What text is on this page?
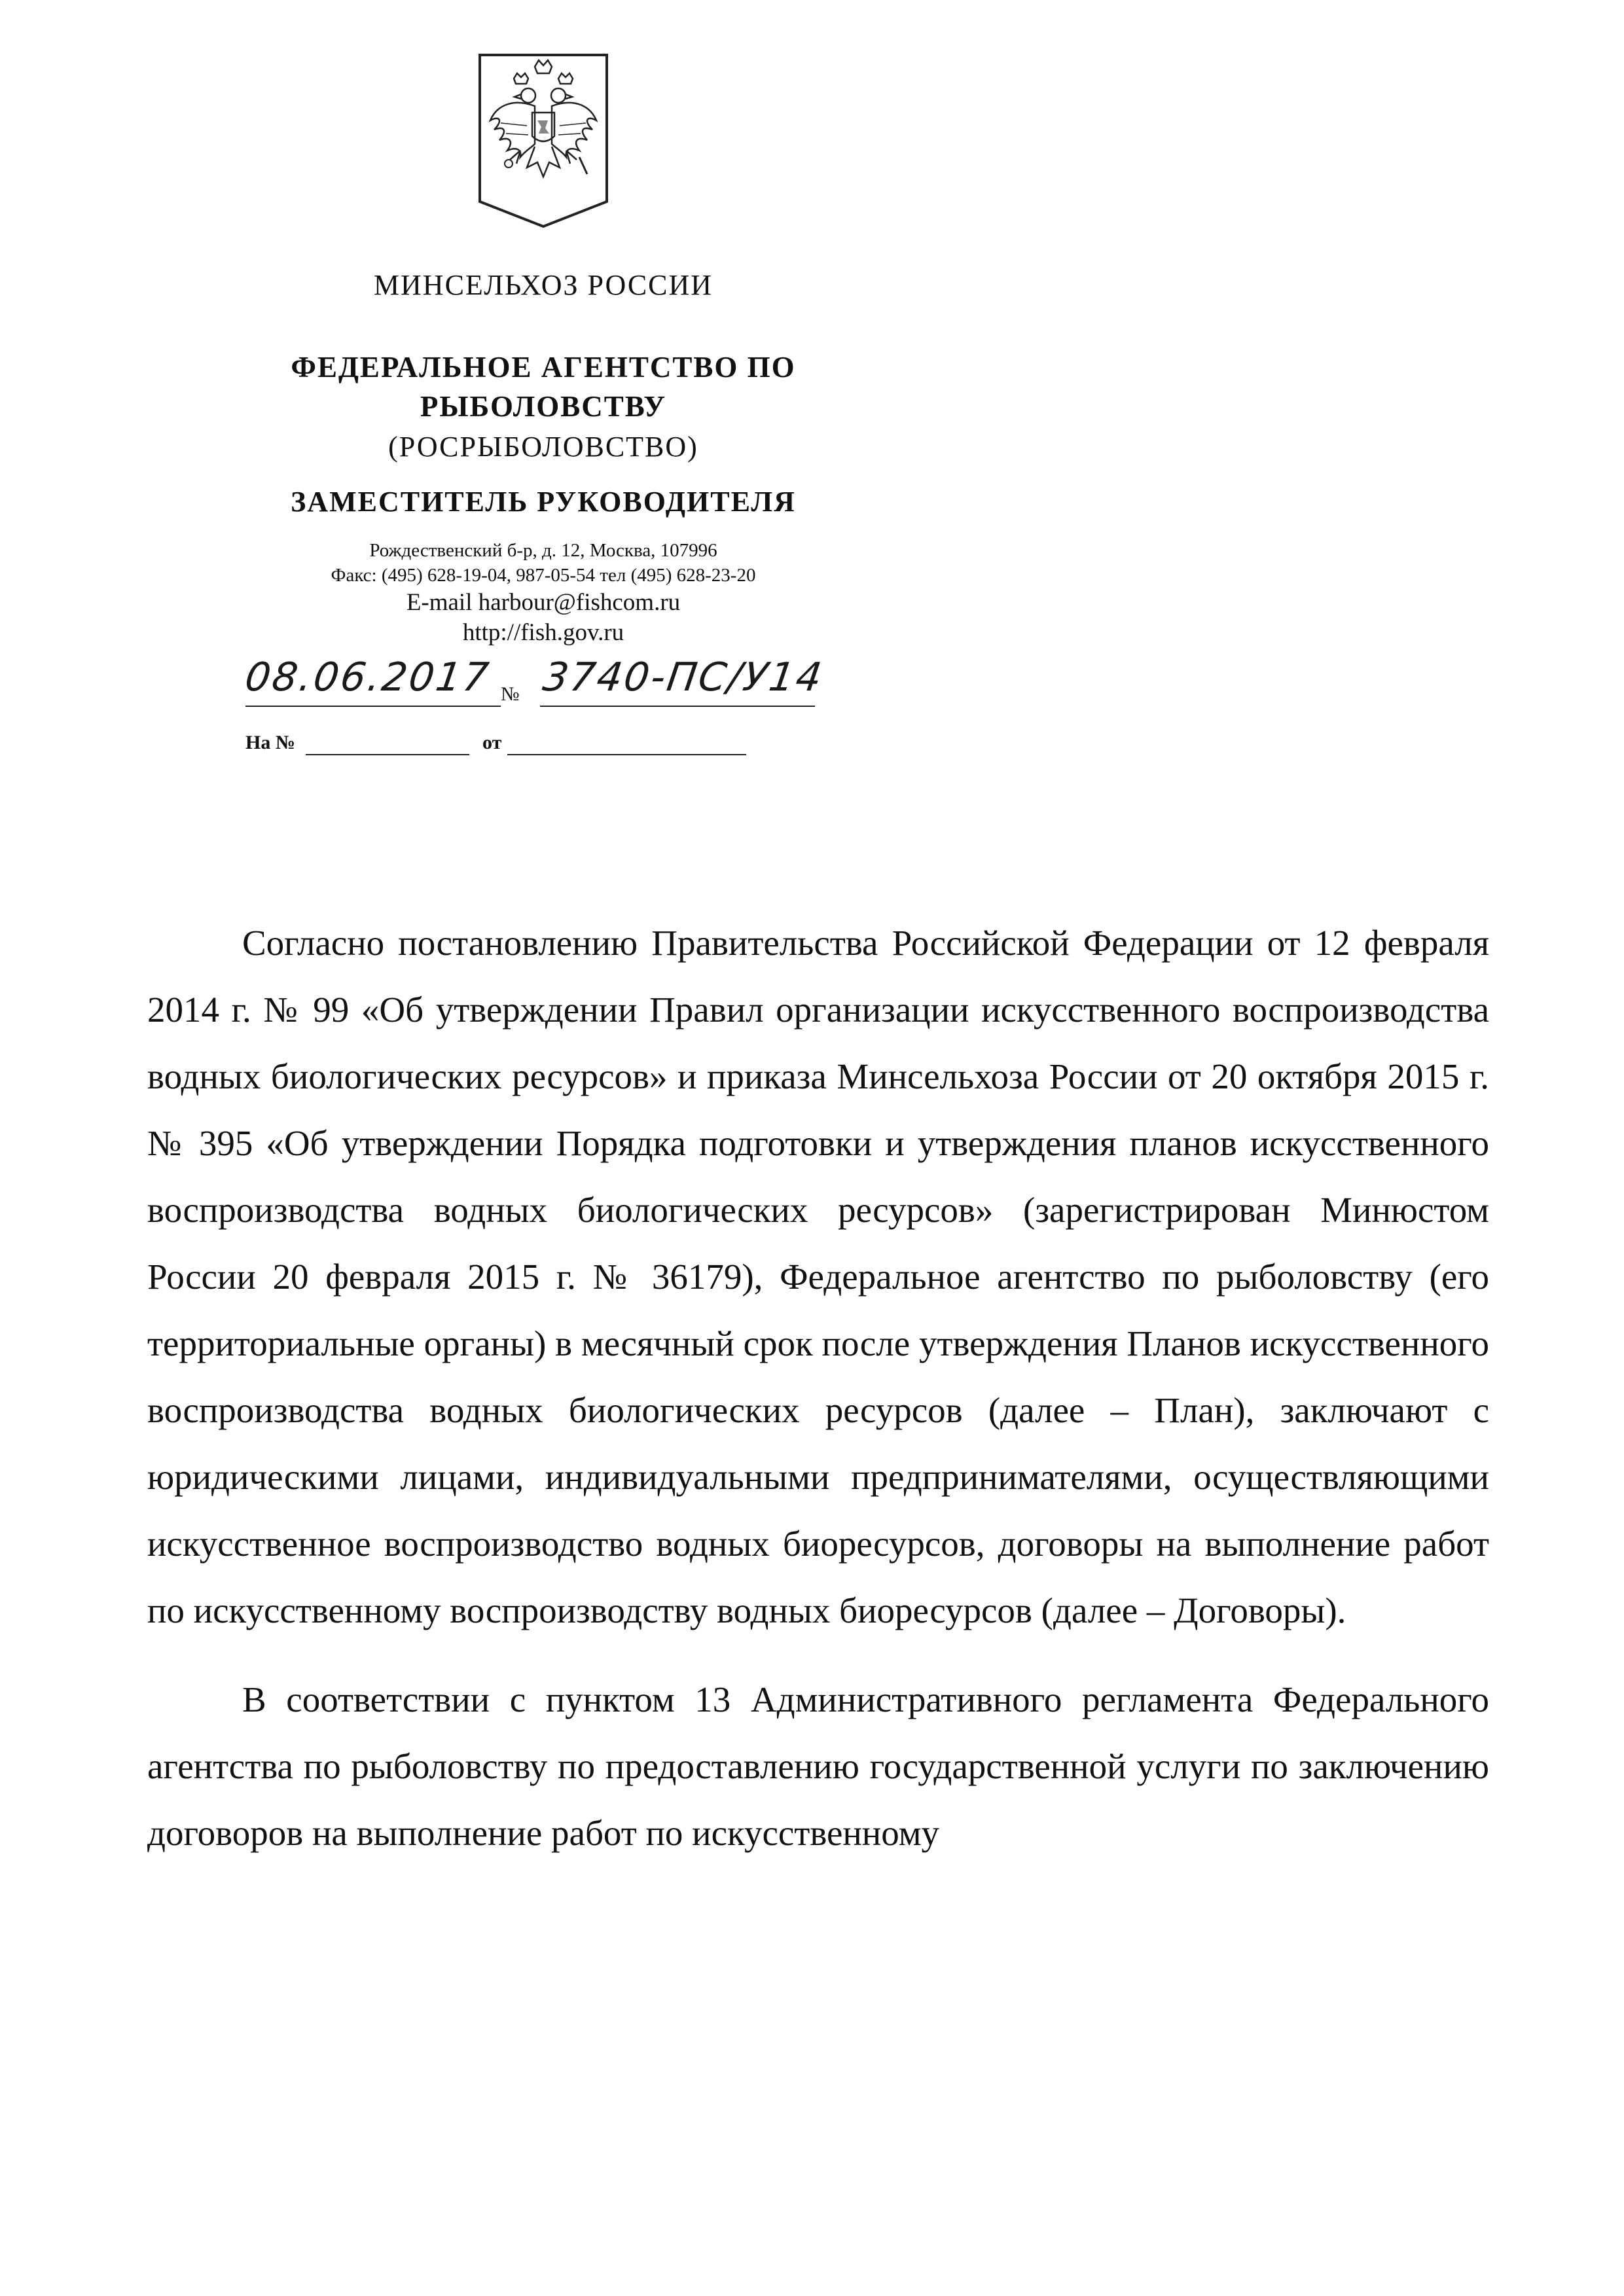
МИНСЕЛЬХОЗ РОССИИ
ФЕДЕРАЛЬНОЕ АГЕНТСТВО ПО
РЫБОЛОВСТВУ
(РОСРЫБОЛОВСТВО)
ЗАМЕСТИТЕЛЬ РУКОВОДИТЕЛЯ
Рождественский б-р, д. 12, Москва, 107996
Факс: (495) 628-19-04, 987-05-54 тел (495) 628-23-20
E-mail harbour@fishcom.ru
http://fish.gov.ru
08.06.2017 № 3740-ПС/У14
На №	от

Согласно постановлению Правительства Российской Федерации от 12 февраля 2014 г. № 99 «Об утверждении Правил организации искусственного воспроизводства водных биологических ресурсов» и приказа Минсельхоза России от 20 октября 2015 г. № 395 «Об утверждении Порядка подготовки и утверждения планов искусственного воспроизводства водных биологических ресурсов» (зарегистрирован Минюстом России 20 февраля 2015 г. № 36179), Федеральное агентство по рыболовству (его территориальные органы) в месячный срок после утверждения Планов искусственного воспроизводства водных биологических ресурсов (далее – План), заключают с юридическими лицами, индивидуальными предпринимателями, осуществляющими искусственное воспроизводство водных биоресурсов, договоры на выполнение работ по искусственному воспроизводству водных биоресурсов (далее – Договоры).

В соответствии с пунктом 13 Административного регламента Федерального агентства по рыболовству по предоставлению государственной услуги по заключению договоров на выполнение работ по искусственному
